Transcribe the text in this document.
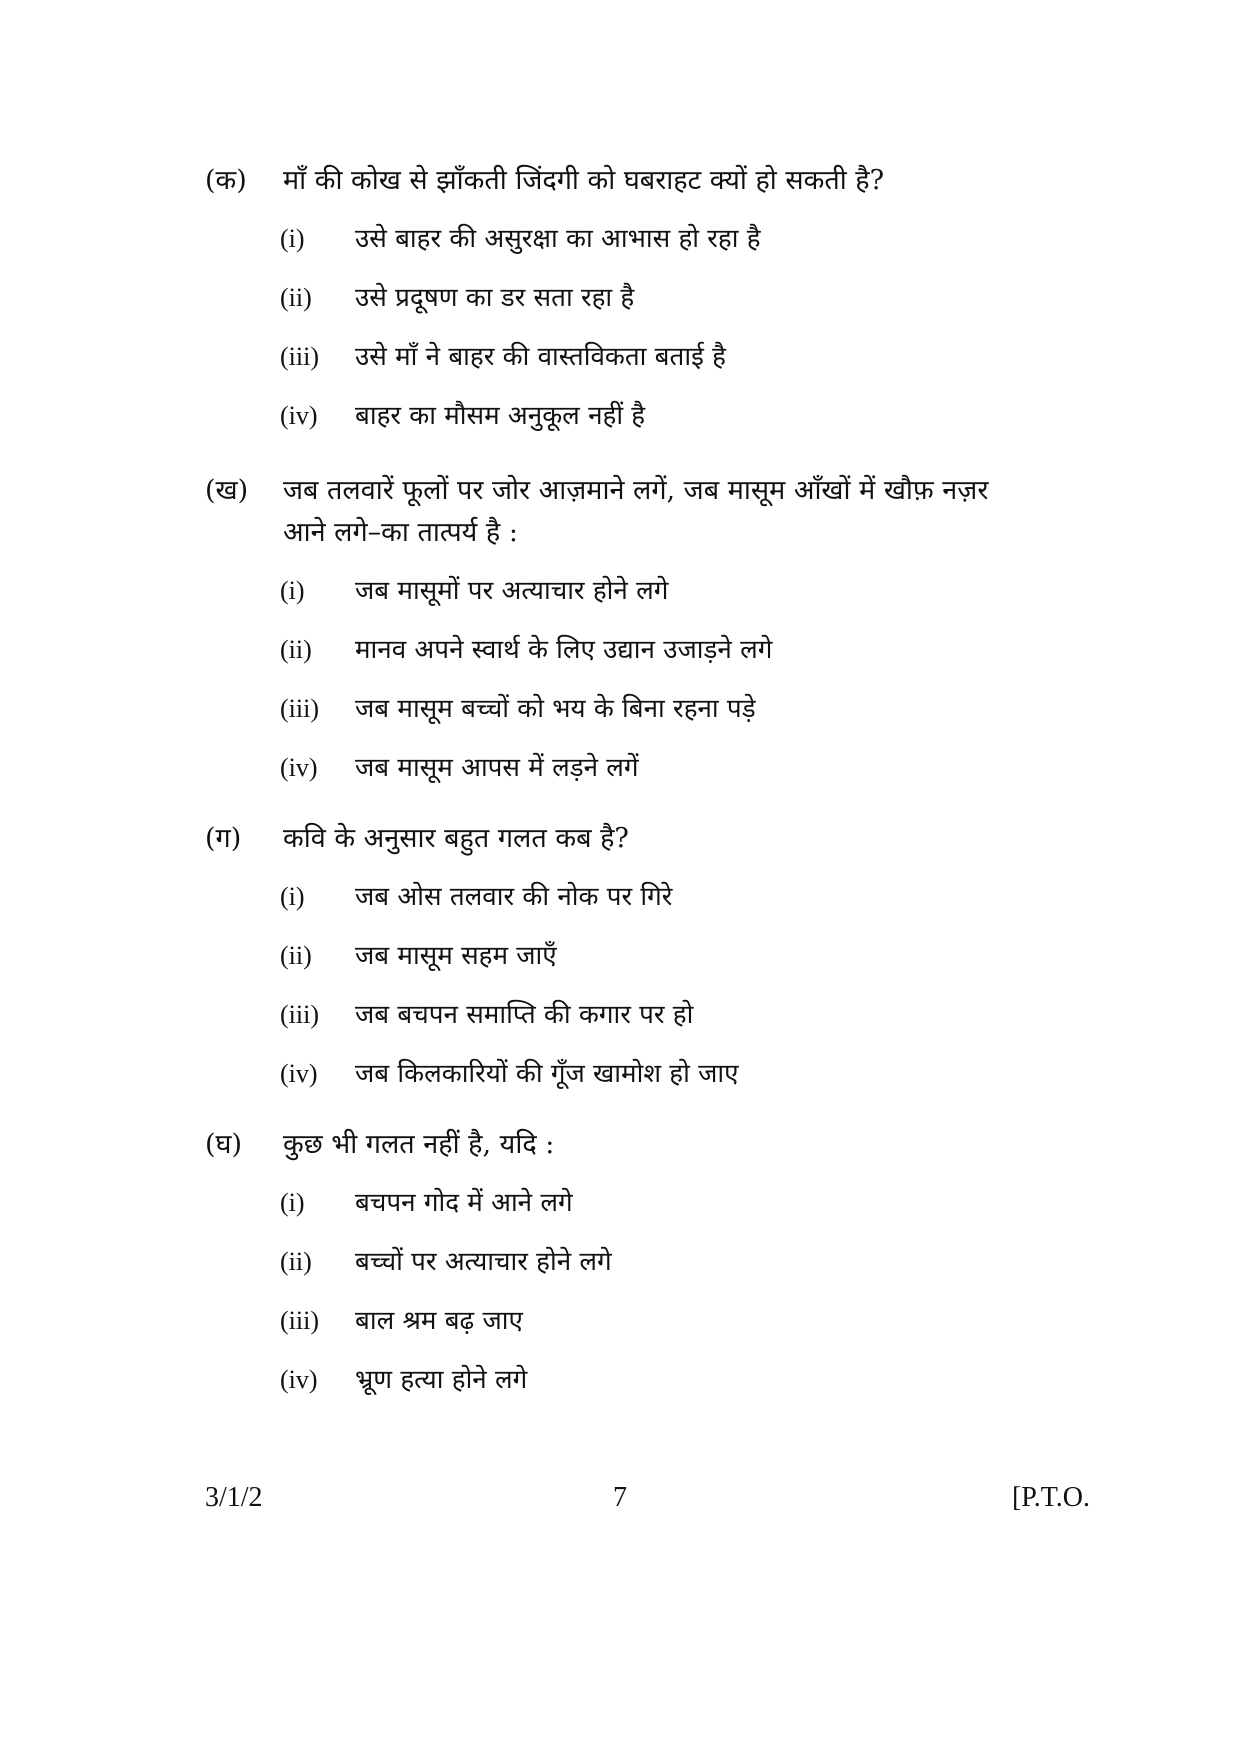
(क)	माँ की कोख से झाँकती जिंदगी को घबराहट क्यों हो सकती है?
(i)	उसे बाहर की असुरक्षा का आभास हो रहा है
(ii)	उसे प्रदूषण का डर सता रहा है
(iii)	उसे माँ ने बाहर की वास्तविकता बताई है
(iv)	बाहर का मौसम अनुकूल नहीं है
(ख)	जब तलवारें फूलों पर जोर आज़माने लगें, जब मासूम आँखों में खौफ़ नज़र आने लगे–का तात्पर्य है :
(i)	जब मासूमों पर अत्याचार होने लगे
(ii)	मानव अपने स्वार्थ के लिए उद्यान उजाड़ने लगे
(iii)	जब मासूम बच्चों को भय के बिना रहना पड़े
(iv)	जब मासूम आपस में लड़ने लगें
(ग)	कवि के अनुसार बहुत गलत कब है?
(i)	जब ओस तलवार की नोक पर गिरे
(ii)	जब मासूम सहम जाएँ
(iii)	जब बचपन समाप्ति की कगार पर हो
(iv)	जब किलकारियों की गूँज खामोश हो जाए
(घ)	कुछ भी गलत नहीं है, यदि :
(i)	बचपन गोद में आने लगे
(ii)	बच्चों पर अत्याचार होने लगे
(iii)	बाल श्रम बढ़ जाए
(iv)	भ्रूण हत्या होने लगे
3/1/2	7	[P.T.O.
